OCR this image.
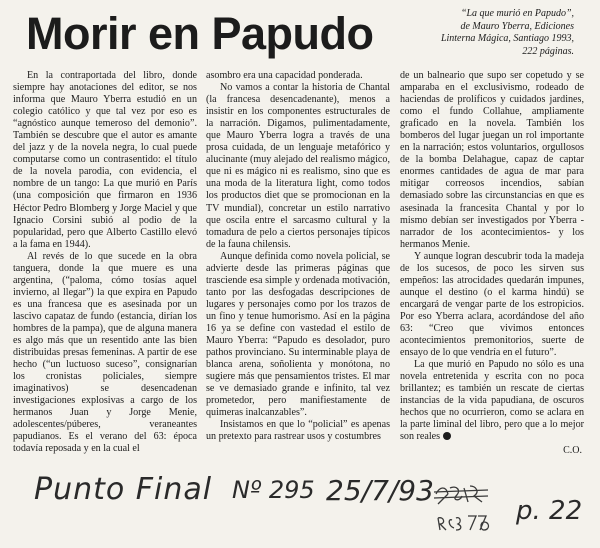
Morir en Papudo	“La que murió en Papudo”,
de Mauro Yberra, Ediciones
Linterna Mágica, Santiago 1993,
222 páginas.

En la contraportada del libro, donde siempre hay anotaciones del editor, se nos informa que Mauro Yberra estudió en un colegio católico y que tal vez por eso es “agnóstico aunque temeroso del demonio”. También se descubre que el autor es amante del jazz y de la novela negra, lo cual puede computarse como un contrasentido: el título de la novela parodia, con evidencia, el nombre de un tango: La que murió en París (una composición que firmaron en 1936 Héctor Pedro Blomberg y Jorge Maciel y que Ignacio Corsini subió al podio de la popularidad, pero que Alberto Castillo elevó a la fama en 1944).

Al revés de lo que sucede en la obra tanguera, donde la que muere es una argentina, (“paloma, cómo tosías aquel invierno, al llegar”) la que expira en Papudo es una francesa que es asesinada por un lascivo capataz de fundo (estancia, dirían los hombres de la pampa), que de alguna manera es algo más que un resentido ante las bien distribuidas presas femeninas. A partir de ese hecho (“un luctuoso suceso”, consignarían los cronistas policiales, siempre imaginativos) se desencadenan investigaciones explosivas a cargo de los hermanos Juan y Jorge Menie, adolescentes/púberes, veraneantes papudianos. Es el verano del 63: época todavía reposada y en la cual el

asombro era una capacidad ponderada.

No vamos a contar la historia de Chantal (la francesa desencadenante), menos a insistir en los componentes estructurales de la narración. Digamos, pulimentadamente, que Mauro Yberra logra a través de una prosa cuidada, de un lenguaje metafórico y alucinante (muy alejado del realismo mágico, que ni es mágico ni es realismo, sino que es una moda de la literatura light, como todos los productos diet que se promocionan en la TV mundial), concretar un estilo narrativo que oscila entre el sarcasmo cultural y la tomadura de pelo a ciertos personajes típicos de la fauna chilensis.

Aunque definida como novela policial, se advierte desde las primeras páginas que trasciende esa simple y ordenada motivación, tanto por las desfogadas descripciones de lugares y personajes como por los trazos de un fino y tenue humorismo. Así en la página 16 ya se define con vastedad el estilo de Mauro Yberra: “Papudo es desolador, puro pathos provinciano. Su interminable playa de blanca arena, soñolienta y monótona, no sugiere más que pensamientos tristes. El mar se ve demasiado grande e infinito, tal vez prometedor, pero manifiestamente de quimeras inalcanzables”.

Insistamos en que lo “policial” es apenas un pretexto para rastrear usos y costumbres

de un balneario que supo ser copetudo y se amparaba en el exclusivismo, rodeado de haciendas de prolíficos y cuidados jardines, como el fundo Collahue, ampliamente graficado en la novela. También los bomberos del lugar juegan un rol importante en la narración; estos voluntarios, orgullosos de la bomba Delahague, capaz de captar enormes cantidades de agua de mar para mitigar correosos incendios, sabían demasiado sobre las circunstancias en que es asesinada la francesita Chantal y por lo mismo debían ser investigados por Yberra -narrador de los acontecimientos- y los hermanos Menie.

Y aunque logran descubrir toda la madeja de los sucesos, de poco les sirven sus empeños: las atrocidades quedarán impunes, aunque el destino (o el karma hindú) se encargará de vengar parte de los estropicios. Por eso Yberra aclara, acordándose del año 63: “Creo que vivimos entonces acontecimientos premonitorios, suerte de ensayo de lo que vendría en el futuro”.

La que murió en Papudo no sólo es una novela entretenida y escrita con no poca brillantez; es también un rescate de ciertas instancias de la vida papudiana, de oscuros hechos que no ocurrieron, como se aclara en la parte liminal del libro, pero que a lo mejor son reales

C.O.
Punto Final Nº 295 25/7/93
p. 22
